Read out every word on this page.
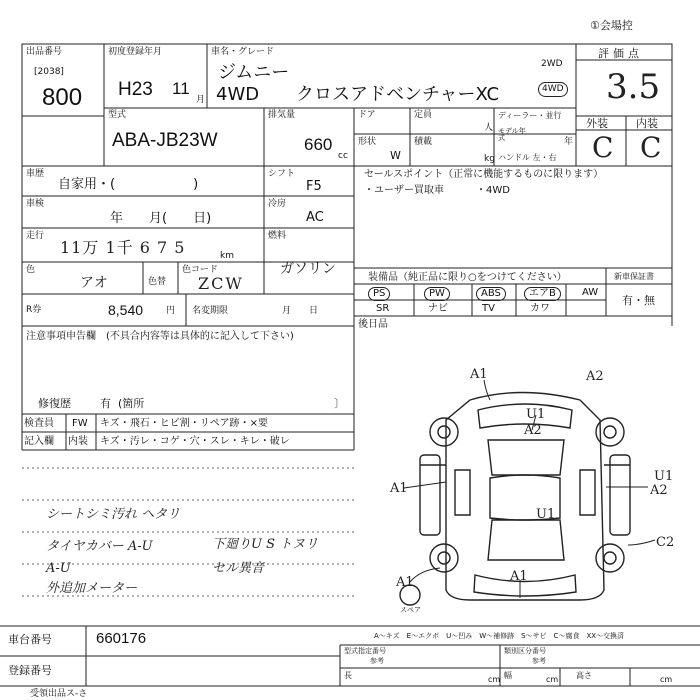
①会場控
出品番号
[2038]
800
初度登録年月
H23 11
月
車名・グレード
ジムニー
4WD クロスアドベンチャーXC
2WD
4WD
評価点
3.5
外装	内装
C C
型式
ABA-JB23W
排気量
660
cc
ドア	定員
人
形状
W
積載
kg
ディーラー・並行
モデル年式	年
ハンドル 左・右
車歴
自家用・(　　　　　　)
シフト
F5
車検
年　　月(　　日)
冷房
AC
走行
11万 1千 6 7 5	km
燃料
ガソリン
色
アオ	色替
色コード
ZCW
R券	8,540	円 名変期限	月　　日
セールスポイント（正常に機能するものに限ります）
・ユーザー買取車	・4WD
装備品（純正品に限り○をつけてください）	新車保証書
有・無
PS	PW	ABS	エアB	AW
SR	ナビ	TV	カワ
後日品
注意事項申告欄 (不具合内容等は具体的に記入して下さい)
修復歴	有 (箇所	〕
検査員
記入欄
FW キズ・飛石・ヒビ割・リペア跡・×要
内装 キズ・汚レ・コゲ・穴・スレ・キレ・破レ
シートシミ汚れ ヘタリ
タイヤカバー A-U
A-U
外追加メーター
下廻りU S トヌリ
セル異音
A1	A2
U1
A2
A1
U1
U1
A2
C2
A1
A1
スペア
A～キズ　E～エクボ　U～凹み　W～補修跡　S～サビ　C～腐食　XX～交換済
車台番号	660176
登録番号
型式指定番号
参考
類別区分番号
参考
長	cm 幅	cm 高さ	cm
受領出品ス-さ
